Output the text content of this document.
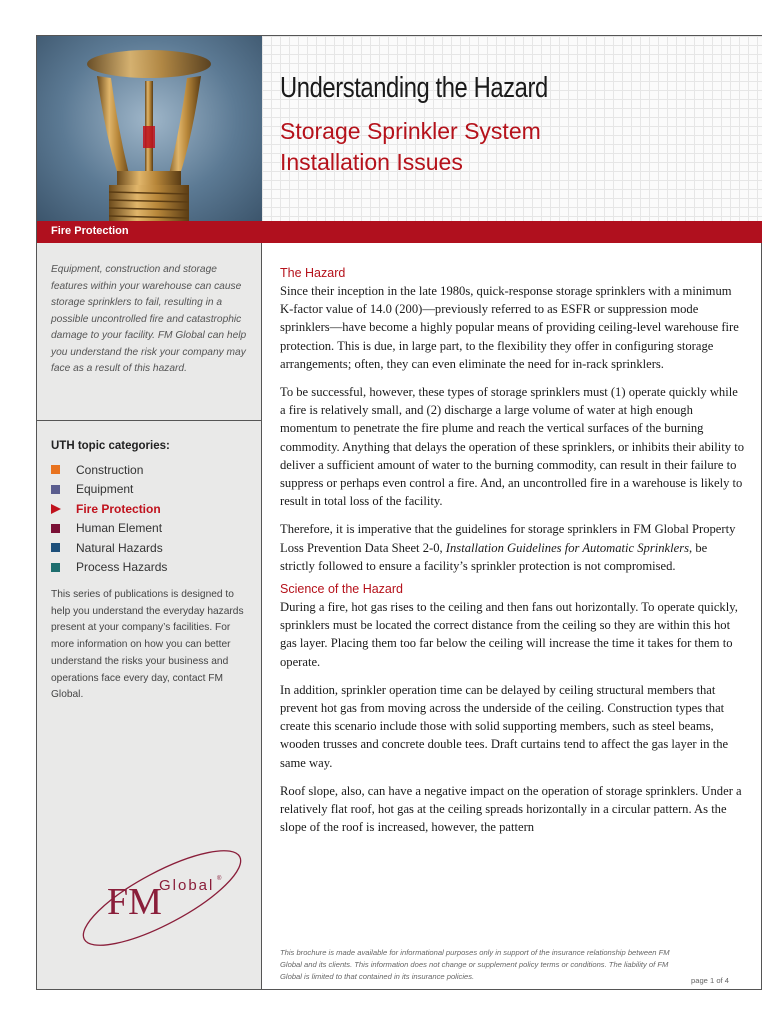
Equipment, construction and storage features within your warehouse can cause storage sprinklers to fail, resulting in a possible uncontrolled fire and catastrophic damage to your facility. FM Global can help you understand the risk your company may face as a result of this hazard.
UTH topic categories:
Construction
Equipment
Fire Protection
Human Element
Natural Hazards
Process Hazards
This series of publications is designed to help you understand the everyday hazards present at your company’s facilities. For more information on how you can better understand the risks your business and operations face every day, contact FM Global.
FM
Global ®
Understanding the Hazard
Storage Sprinkler System
Installation Issues
Fire Protection
The Hazard

Since their inception in the late 1980s, quick-response storage sprinklers with a minimum K-factor value of 14.0 (200)—previously referred to as ESFR or suppression mode sprinklers—have become a highly popular means of providing ceiling-level warehouse fire protection. This is due, in large part, to the flexibility they offer in configuring storage arrangements; often, they can even eliminate the need for in-rack sprinklers.

To be successful, however, these types of storage sprinklers must (1) operate quickly while a fire is relatively small, and (2) discharge a large volume of water at high enough momentum to penetrate the fire plume and reach the vertical surfaces of the burning commodity. Anything that delays the operation of these sprinklers, or inhibits their ability to deliver a sufficient amount of water to the burning commodity, can result in their failure to suppress or perhaps even control a fire. And, an uncontrolled fire in a warehouse is likely to result in total loss of the facility.

Therefore, it is imperative that the guidelines for storage sprinklers in FM Global Property Loss Prevention Data Sheet 2-0, Installation Guidelines for Automatic Sprinklers, be strictly followed to ensure a facility’s sprinkler protection is not compromised.

Science of the Hazard

During a fire, hot gas rises to the ceiling and then fans out horizontally. To operate quickly, sprinklers must be located the correct distance from the ceiling so they are within this hot gas layer. Placing them too far below the ceiling will increase the time it takes for them to operate.

In addition, sprinkler operation time can be delayed by ceiling structural members that prevent hot gas from moving across the underside of the ceiling. Construction types that create this scenario include those with solid supporting members, such as steel beams, wooden trusses and concrete double tees. Draft curtains tend to affect the gas layer in the same way.

Roof slope, also, can have a negative impact on the operation of storage sprinklers. Under a relatively flat roof, hot gas at the ceiling spreads horizontally in a circular pattern. As the slope of the roof is increased, however, the pattern

This brochure is made available for informational purposes only in support of the insurance relationship between FM Global and its clients. This information does not change or supplement policy terms or conditions. The liability of FM Global is limited to that contained in its insurance policies.	page 1 of 4
